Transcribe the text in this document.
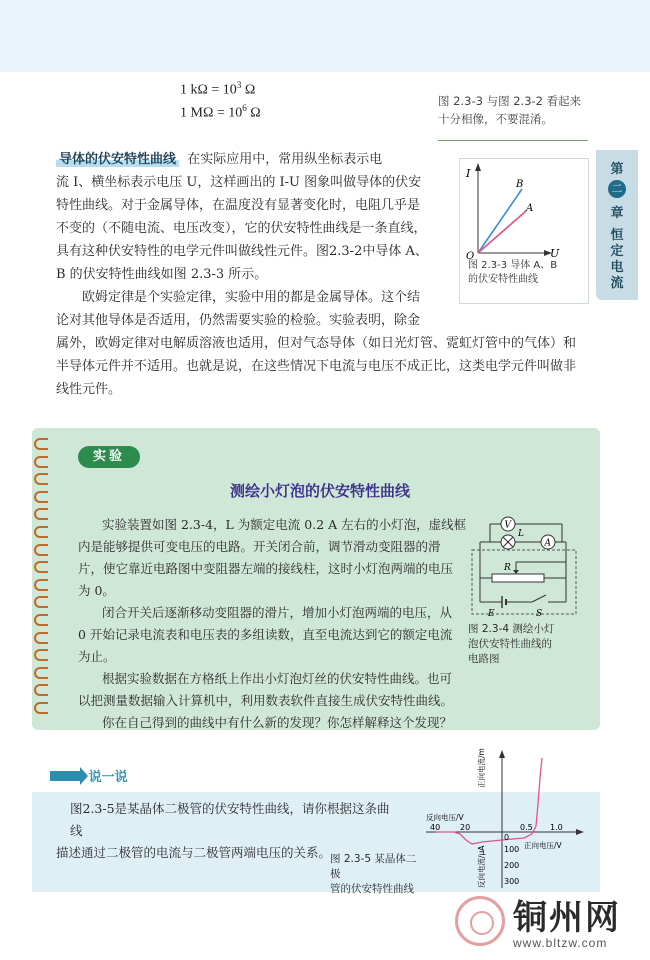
1 $k\Omega = 10^3$ Ω
1 $M\Omega = 10^6$ Ω
图 2.3-3 与图 2.3-2 看起来十分相像，不要混淆。
第
二
章
恒定电流
导体的伏安特性曲线 在实际应用中，常用纵坐标表示电
流 I、横坐标表示电压 U，这样画出的 I-U 图象叫做导体的伏安
特性曲线。对于金属导体，在温度没有显著变化时，电阻几乎是
不变的（不随电流、电压改变），它的伏安特性曲线是一条直线，
具有这种伏安特性的电学元件叫做线性元件。图2.3-2中导体 A、
B 的伏安特性曲线如图 2.3-3 所示。
欧姆定律是个实验定律，实验中用的都是金属导体。这个结
论对其他导体是否适用，仍然需要实验的检验。实验表明，除金
属外，欧姆定律对电解质溶液也适用，但对气态导体（如日光灯管、霓虹灯管中的气体）和
半导体元件并不适用。也就是说，在这些情况下电流与电压不成正比，这类电学元件叫做非
线性元件。
I
U
O
B
A
图 2.3-3 导体 A、B
的伏安特性曲线
实验
测绘小灯泡的伏安特性曲线
实验装置如图 2.3-4，L 为额定电流 0.2 A 左右的小灯泡，虚线框
内是能够提供可变电压的电路。开关闭合前，调节滑动变阻器的滑
片，使它靠近电路图中变阻器左端的接线柱，这时小灯泡两端的电压
为 0。
闭合开关后逐渐移动变阻器的滑片，增加小灯泡两端的电压，从
0 开始记录电流表和电压表的多组读数，直至电流达到它的额定电流
为止。
根据实验数据在方格纸上作出小灯泡灯丝的伏安特性曲线。也可
以把测量数据输入计算机中，利用数表软件直接生成伏安特性曲线。
你在自己得到的曲线中有什么新的发现？你怎样解释这个发现？
V
L
A
R
E	S
图 2.3-4 测绘小灯
泡伏安特性曲线的
电路图
说一说
图2.3-5是某晶体二极管的伏安特性曲线，请你根据这条曲线
描述通过二极管的电流与二极管两端电压的关系。
正向电流/mA
反向电流/μA
反向电压/V
正向电压/V
40 20
0
0.5 1.0
100
200
300
图 2.3-5 某晶体二极
管的伏安特性曲线
铜州网
www.bltzw.com
